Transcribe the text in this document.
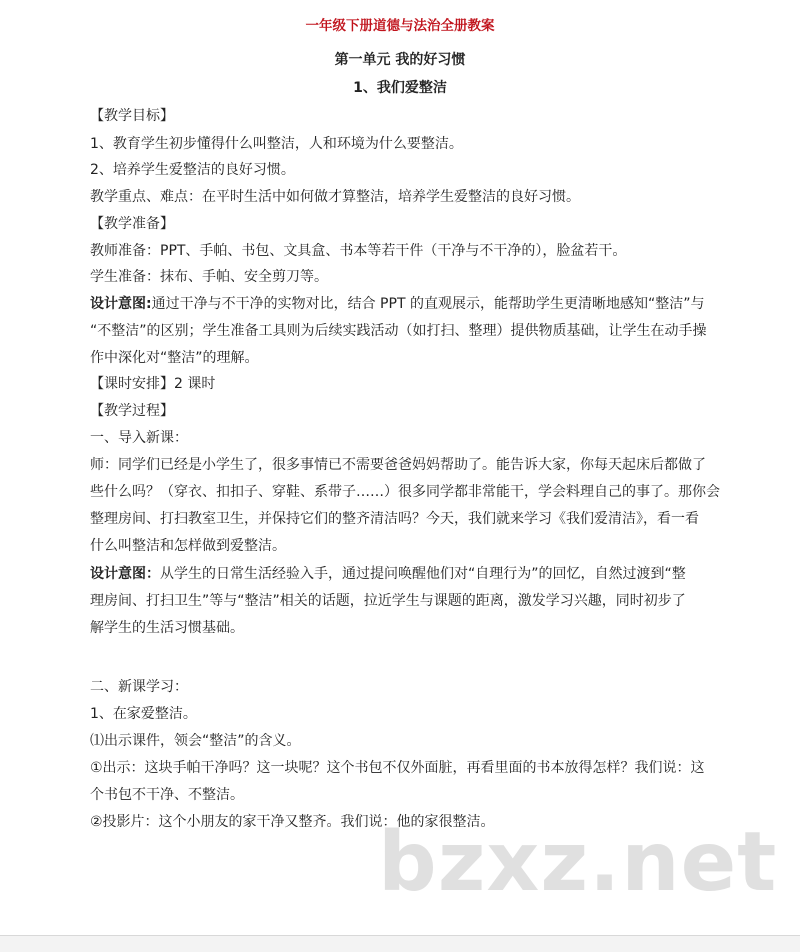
一年级下册道德与法治全册教案
第一单元 我的好习惯
1、我们爱整洁
【教学目标】
1、教育学生初步懂得什么叫整洁，人和环境为什么要整洁。
2、培养学生爱整洁的良好习惯。
教学重点、难点：在平时生活中如何做才算整洁，培养学生爱整洁的良好习惯。
【教学准备】
教师准备：PPT、手帕、书包、文具盒、书本等若干件（干净与不干净的），脸盆若干。
学生准备：抹布、手帕、安全剪刀等。
设计意图:通过干净与不干净的实物对比，结合 PPT 的直观展示，能帮助学生更清晰地感知“整洁”与
“不整洁”的区别；学生准备工具则为后续实践活动（如打扫、整理）提供物质基础，让学生在动手操
作中深化对“整洁”的理解。
【课时安排】2 课时
【教学过程】
一、导入新课：
师：同学们已经是小学生了，很多事情已不需要爸爸妈妈帮助了。能告诉大家，你每天起床后都做了
些什么吗？（穿衣、扣扣子、穿鞋、系带子……）很多同学都非常能干，学会料理自己的事了。那你会
整理房间、打扫教室卫生，并保持它们的整齐清洁吗？今天，我们就来学习《我们爱清洁》，看一看
什么叫整洁和怎样做到爱整洁。
设计意图：从学生的日常生活经验入手，通过提问唤醒他们对“自理行为”的回忆，自然过渡到“整
理房间、打扫卫生”等与“整洁”相关的话题，拉近学生与课题的距离，激发学习兴趣，同时初步了
解学生的生活习惯基础。
二、新课学习：
1、在家爱整洁。
⑴出示课件，领会“整洁”的含义。
①出示：这块手帕干净吗？这一块呢？这个书包不仅外面脏，再看里面的书本放得怎样？我们说：这
个书包不干净、不整洁。
②投影片：这个小朋友的家干净又整齐。我们说：他的家很整洁。
bzxz.net
